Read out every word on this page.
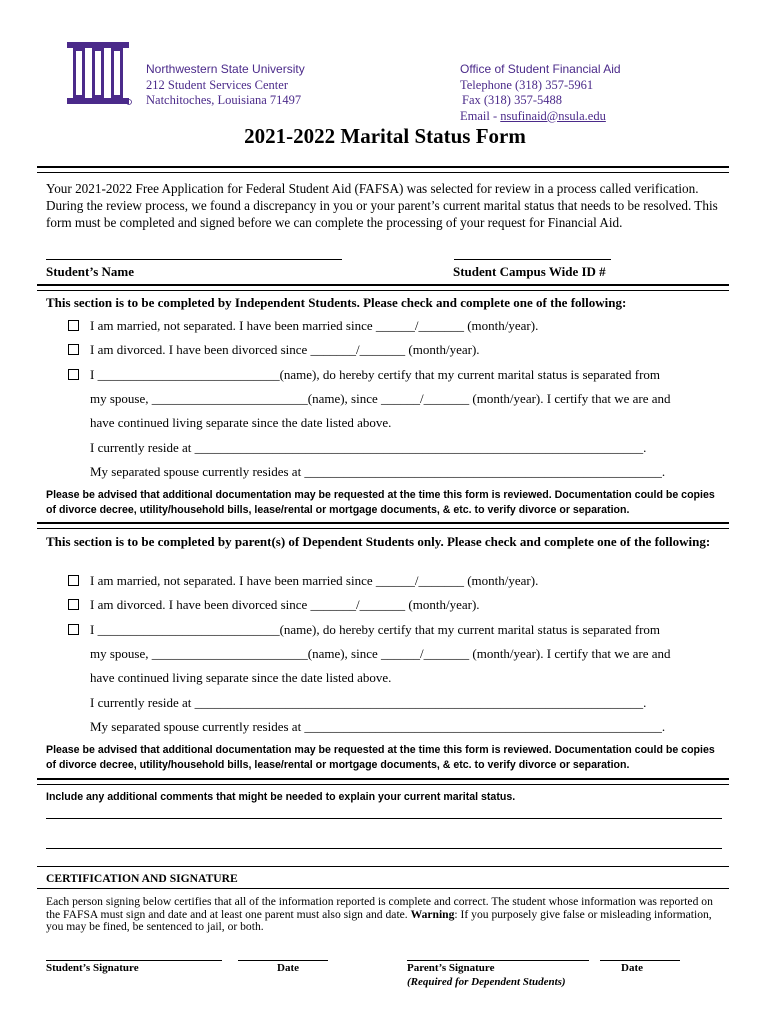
Northwestern State University
212 Student Services Center
Natchitoches, Louisiana 71497
Office of Student Financial Aid
Telephone (318) 357-5961
Fax (318) 357-5488
Email - nsufinaid@nsula.edu
2021-2022 Marital Status Form
Your 2021-2022 Free Application for Federal Student Aid (FAFSA) was selected for review in a process called verification. During the review process, we found a discrepancy in you or your parent’s current marital status that needs to be resolved. This form must be completed and signed before we can complete the processing of your request for Financial Aid.
Student’s Name	Student Campus Wide ID #
This section is to be completed by Independent Students. Please check and complete one of the following:
I am married, not separated. I have been married since ______/_______ (month/year).
I am divorced. I have been divorced since _______/_______ (month/year).
I ____________________________(name), do hereby certify that my current marital status is separated from
my spouse, ________________________(name), since ______/_______ (month/year). I certify that we are and
have continued living separate since the date listed above.
I currently reside at _____________________________________________________________________.
My separated spouse currently resides at _______________________________________________________.
Please be advised that additional documentation may be requested at the time this form is reviewed. Documentation could be copies of divorce decree, utility/household bills, lease/rental or mortgage documents, & etc. to verify divorce or separation.
This section is to be completed by parent(s) of Dependent Students only. Please check and complete one of the following:
I am married, not separated. I have been married since ______/_______ (month/year).
I am divorced. I have been divorced since _______/_______ (month/year).
I ____________________________(name), do hereby certify that my current marital status is separated from
my spouse, ________________________(name), since ______/_______ (month/year). I certify that we are and
have continued living separate since the date listed above.
I currently reside at _____________________________________________________________________.
My separated spouse currently resides at _______________________________________________________.
Please be advised that additional documentation may be requested at the time this form is reviewed. Documentation could be copies of divorce decree, utility/household bills, lease/rental or mortgage documents, & etc. to verify divorce or separation.
Include any additional comments that might be needed to explain your current marital status.
CERTIFICATION AND SIGNATURE
Each person signing below certifies that all of the information reported is complete and correct. The student whose information was reported on the FAFSA must sign and date and at least one parent must also sign and date. Warning: If you purposely give false or misleading information, you may be fined, be sentenced to jail, or both.
Student’s Signature	Date	Parent’s Signature
(Required for Dependent Students)
Date
